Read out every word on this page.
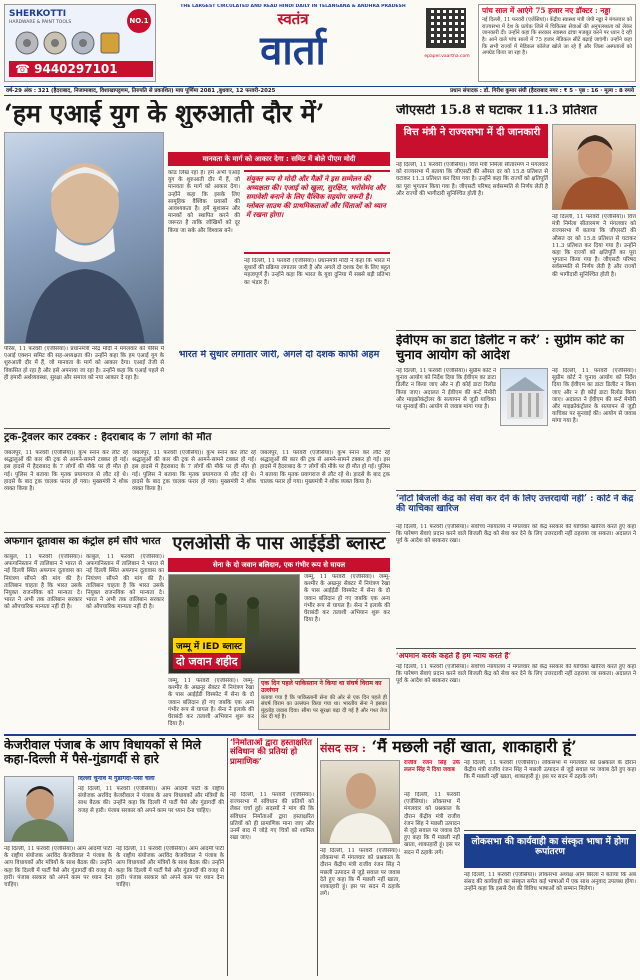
SHERKOTTI
HARDWARE & PAINT TOOLS	NO.1
☎ 9440297101
THE LARGEST CIRCULATED AND READ HINDI DAILY IN TELANGANA & ANDHRA PRADESH
स्वतंत्र
वार्ता	epaper.vaartha.com
पांच साल में आएंगे 75 हजार नए डॉक्टर : नड्डा
नई दिल्ली, 11 फरवरी (एजेंसियां)। केंद्रीय स्वास्थ्य मंत्री जेपी नड्डा ने मंगलवार को राज्यसभा में देश के प्रत्येक जिले में चिकित्सा सेवाओं की अनुपलब्धता को लेकर जानकारी दी। उन्होंने कहा कि सरकार स्वास्थ्य ढांचा मजबूत करने पर ध्यान दे रही है। आने वाले पांच सालों में 75 हजार मेडिकल सीटें बढ़ाई जाएंगी। उन्होंने कहा कि सभी राज्यों में मेडिकल कॉलेज खोले जा रहे हैं और जिला अस्पतालों को अपग्रेड किया जा रहा है।
वर्ष-29 अंक : 321 (हैदराबाद, निजामाबाद, विशाखापट्टणम, तिरुपति से प्रकाशित) माघ पूर्णिमा 2081 ,बुधवार, 12 फरवरी-2025	प्रधान संपादक : डॉ. गिरीश कुमार संघी (हैदराबाद नगर : ₹ 5 · पृष्ठ : 16 · मूल्य : 8 रुपये
‘हम एआई युग के शुरुआती दौर में’
मानवता के मार्ग को आकार देगा : समिट में बोले पीएम मोदी
कोड लिख रहा है। हम अभी एआई युग के शुरुआती दौर में हैं, जो मानवता के मार्ग को आकार देगा। उन्होंने कहा कि इसके लिए सामूहिक वैश्विक प्रयासों की आवश्यकता है। हमें सुशासन और मानकों को स्थापित करने की जरूरत है ताकि जोखिमों को दूर किया जा सके और विश्वास बने।
संयुक्त रूप से मोदी और मैक्रों ने इस सम्मेलन की अध्यक्षता की। एआई को खुला, सुरक्षित, भरोसेमंद और समावेशी बनाने के लिए वैश्विक सहयोग जरूरी है। ग्लोबल साउथ की प्राथमिकताओं और चिंताओं को ध्यान में रखना होगा।
नई दिल्ली, 11 फरवरी (एजेंसियां)। प्रधानमंत्री मोदी ने कहा कि भारत में सुधारों की प्रक्रिया लगातार जारी है और अगले दो दशक देश के लिए बहुत महत्वपूर्ण हैं। उन्होंने कहा कि भारत के युवा दुनिया में सबसे बड़ी प्रतिभा का भंडार हैं।
पेरिस, 11 फरवरी (एजेंसियां)। प्रधानमंत्री नरेंद्र मोदी ने मंगलवार को पेरिस में एआई एक्शन समिट की सह-अध्यक्षता की। उन्होंने कहा कि हम एआई युग के शुरुआती दौर में हैं, जो मानवता के मार्ग को आकार देगा। एआई तेजी से विकसित हो रहा है और इसे अपनाया जा रहा है। उन्होंने कहा कि एआई पहले से ही हमारी अर्थव्यवस्था, सुरक्षा और समाज को नया आकार दे रहा है।
भारत में सुधार लगातार जारी, अगले दो दशक काफी अहम
जीएसटी 15.8 से घटाकर 11.3 प्रतिशत
वित्त मंत्री ने राज्यसभा में दी जानकारी
नई दिल्ली, 11 फरवरी (एजेंसियां)। वित्त मंत्री निर्मला सीतारमण ने मंगलवार को राज्यसभा में बताया कि जीएसटी की औसत दर को 15.8 प्रतिशत से घटाकर 11.3 प्रतिशत कर दिया गया है। उन्होंने कहा कि राज्यों को क्षतिपूर्ति का पूरा भुगतान किया गया है। जीएसटी परिषद सर्वसम्मति से निर्णय लेती है और राज्यों की भागीदारी सुनिश्चित होती है।
नई दिल्ली, 11 फरवरी (एजेंसियां)। वित्त मंत्री निर्मला सीतारमण ने मंगलवार को राज्यसभा में बताया कि जीएसटी की औसत दर को 15.8 प्रतिशत से घटाकर 11.3 प्रतिशत कर दिया गया है। उन्होंने कहा कि राज्यों को क्षतिपूर्ति का पूरा भुगतान किया गया है। जीएसटी परिषद सर्वसम्मति से निर्णय लेती है और राज्यों की भागीदारी सुनिश्चित होती है।
ईवीएम का डाटा डिलीट न करें’ : सुप्रीम कोर्ट का चुनाव आयोग को आदेश
नई दिल्ली, 11 फरवरी (एजेंसियां)। सुप्रीम कोर्ट ने चुनाव आयोग को निर्देश दिया कि ईवीएम का डाटा डिलीट न किया जाए और न ही कोई डाटा रिलोड किया जाए। अदालत ने ईवीएम की बर्न्ट मेमोरी और माइक्रोकंट्रोलर के सत्यापन से जुड़ी याचिका पर सुनवाई की। आयोग से जवाब मांगा गया है।
नई दिल्ली, 11 फरवरी (एजेंसियां)। सुप्रीम कोर्ट ने चुनाव आयोग को निर्देश दिया कि ईवीएम का डाटा डिलीट न किया जाए और न ही कोई डाटा रिलोड किया जाए। अदालत ने ईवीएम की बर्न्ट मेमोरी और माइक्रोकंट्रोलर के सत्यापन से जुड़ी याचिका पर सुनवाई की। आयोग से जवाब मांगा गया है।
ट्रक-ट्रैवलर कार टक्कर : हैदराबाद के 7 लोगों की मौत
जबलपुर, 11 फरवरी (एजेंसियां)। कुंभ स्नान कर लौट रहे श्रद्धालुओं की कार की ट्रक से आमने-सामने टक्कर हो गई। इस हादसे में हैदराबाद के 7 लोगों की मौके पर ही मौत हो गई। पुलिस ने बताया कि मृतक प्रयागराज से लौट रहे थे। हादसे के बाद ट्रक चालक फरार हो गया। मुख्यमंत्री ने शोक व्यक्त किया है।
जबलपुर, 11 फरवरी (एजेंसियां)। कुंभ स्नान कर लौट रहे श्रद्धालुओं की कार की ट्रक से आमने-सामने टक्कर हो गई। इस हादसे में हैदराबाद के 7 लोगों की मौके पर ही मौत हो गई। पुलिस ने बताया कि मृतक प्रयागराज से लौट रहे थे। हादसे के बाद ट्रक चालक फरार हो गया। मुख्यमंत्री ने शोक व्यक्त किया है।
जबलपुर, 11 फरवरी (एजेंसियां)। कुंभ स्नान कर लौट रहे श्रद्धालुओं की कार की ट्रक से आमने-सामने टक्कर हो गई। इस हादसे में हैदराबाद के 7 लोगों की मौके पर ही मौत हो गई। पुलिस ने बताया कि मृतक प्रयागराज से लौट रहे थे। हादसे के बाद ट्रक चालक फरार हो गया। मुख्यमंत्री ने शोक व्यक्त किया है।
‘नोटों बिजली केंद्र को सेवा कर देने के लिए उत्तरदायी नहीं’ : कोर्ट ने केंद्र की याचिका खारिज
नई दिल्ली, 11 फरवरी (एजेंसियां)। सर्वोच्च न्यायालय ने मंगलवार को केंद्र सरकार की याचिका खारिज करते हुए कहा कि पारेषण सेवाएं प्रदान करने वाले बिजली केंद्र को सेवा कर देने के लिए उत्तरदायी नहीं ठहराया जा सकता। अदालत ने पूर्व के आदेश को बरकरार रखा।
अफगान दूतावास का कंट्रोल हमें सौंपे भारत
काबुल, 11 फरवरी (एजेंसियां)। अफगानिस्तान में तालिबान ने भारत से नई दिल्ली स्थित अफगान दूतावास का नियंत्रण सौंपने की मांग की है। तालिबान चाहता है कि भारत उसके नियुक्त राजनयिक को मान्यता दे। भारत ने अभी तक तालिबान सरकार को औपचारिक मान्यता नहीं दी है।
काबुल, 11 फरवरी (एजेंसियां)। अफगानिस्तान में तालिबान ने भारत से नई दिल्ली स्थित अफगान दूतावास का नियंत्रण सौंपने की मांग की है। तालिबान चाहता है कि भारत उसके नियुक्त राजनयिक को मान्यता दे। भारत ने अभी तक तालिबान सरकार को औपचारिक मान्यता नहीं दी है।
एलओसी के पास आईईडी ब्लास्ट
सेना के दो जवान बलिदान, एक गंभीर रूप से घायल
जम्मू में IED ब्लास्ट
दो जवान शहीद
जम्मू, 11 फरवरी (एजेंसियां)। जम्मू-कश्मीर के अखनूर सेक्टर में नियंत्रण रेखा के पास आईईडी विस्फोट में सेना के दो जवान बलिदान हो गए जबकि एक अन्य गंभीर रूप से घायल है। सेना ने इलाके की घेराबंदी कर तलाशी अभियान शुरू कर दिया है।
जम्मू, 11 फरवरी (एजेंसियां)। जम्मू-कश्मीर के अखनूर सेक्टर में नियंत्रण रेखा के पास आईईडी विस्फोट में सेना के दो जवान बलिदान हो गए जबकि एक अन्य गंभीर रूप से घायल है। सेना ने इलाके की घेराबंदी कर तलाशी अभियान शुरू कर दिया है।
एक दिन पहले पाकिस्तान ने किया था संघर्ष विराम का उल्लंघन
बताया गया है कि पाकिस्तानी सेना की ओर से एक दिन पहले ही संघर्ष विराम का उल्लंघन किया गया था। भारतीय सेना ने इसका मुंहतोड़ जवाब दिया। सीमा पर सुरक्षा बढ़ा दी गई है और गश्त तेज कर दी गई है।
‘अपमान करके कहते हैं हम न्याय करते हैं’
नई दिल्ली, 11 फरवरी (एजेंसियां)। सर्वोच्च न्यायालय ने मंगलवार को केंद्र सरकार की याचिका खारिज करते हुए कहा कि पारेषण सेवाएं प्रदान करने वाले बिजली केंद्र को सेवा कर देने के लिए उत्तरदायी नहीं ठहराया जा सकता। अदालत ने पूर्व के आदेश को बरकरार रखा।
केजरीवाल पंजाब के आप विधायकों से मिले कहा-दिल्ली में पैसे-गुंडागर्दी से हारे
दिल्ली चुनाव में गुंडागर्दी-पैसा चला
नई दिल्ली, 11 फरवरी (एजेंसियां)। आम आदमी पार्टी के राष्ट्रीय संयोजक अरविंद केजरीवाल ने पंजाब के आप विधायकों और मंत्रियों के साथ बैठक की। उन्होंने कहा कि दिल्ली में पार्टी पैसे और गुंडागर्दी की वजह से हारी। पंजाब सरकार को अपने काम पर ध्यान देना चाहिए।
नई दिल्ली, 11 फरवरी (एजेंसियां)। आम आदमी पार्टी के राष्ट्रीय संयोजक अरविंद केजरीवाल ने पंजाब के आप विधायकों और मंत्रियों के साथ बैठक की। उन्होंने कहा कि दिल्ली में पार्टी पैसे और गुंडागर्दी की वजह से हारी। पंजाब सरकार को अपने काम पर ध्यान देना चाहिए।
नई दिल्ली, 11 फरवरी (एजेंसियां)। आम आदमी पार्टी के राष्ट्रीय संयोजक अरविंद केजरीवाल ने पंजाब के आप विधायकों और मंत्रियों के साथ बैठक की। उन्होंने कहा कि दिल्ली में पार्टी पैसे और गुंडागर्दी की वजह से हारी। पंजाब सरकार को अपने काम पर ध्यान देना चाहिए।
‘निर्माताओं द्वारा हस्ताक्षरित संविधान की प्रतियां हो प्रामाणिक’
नई दिल्ली, 11 फरवरी (एजेंसियां)। राज्यसभा में संविधान की प्रतियों को लेकर चर्चा हुई। सदस्यों ने मांग की कि संविधान निर्माताओं द्वारा हस्ताक्षरित प्रतियों को ही प्रामाणिक माना जाए और उनमें बाद में जोड़े गए चित्रों को शामिल रखा जाए।
संसद सत्र : ‘मैं मछली नहीं खाता, शाकाहारी हूं’
राजीव रंजन सिंह उर्फ ललन सिंह ने दिया जवाब
नई दिल्ली, 11 फरवरी (एजेंसियां)। लोकसभा में मंगलवार को प्रश्नकाल के दौरान केंद्रीय मंत्री राजीव रंजन सिंह ने मछली उत्पादन से जुड़े सवाल पर जवाब देते हुए कहा कि मैं मछली नहीं खाता, शाकाहारी हूं। इस पर सदन में ठहाके लगे।
नई दिल्ली, 11 फरवरी (एजेंसियां)। लोकसभा में मंगलवार को प्रश्नकाल के दौरान केंद्रीय मंत्री राजीव रंजन सिंह ने मछली उत्पादन से जुड़े सवाल पर जवाब देते हुए कहा कि मैं मछली नहीं खाता, शाकाहारी हूं। इस पर सदन में ठहाके लगे।
नई दिल्ली, 11 फरवरी (एजेंसियां)। लोकसभा में मंगलवार को प्रश्नकाल के दौरान केंद्रीय मंत्री राजीव रंजन सिंह ने मछली उत्पादन से जुड़े सवाल पर जवाब देते हुए कहा कि मैं मछली नहीं खाता, शाकाहारी हूं। इस पर सदन में ठहाके लगे।
लोकसभा की कार्यवाही का संस्कृत भाषा में होगा रूपांतरण
नई दिल्ली, 11 फरवरी (एजेंसियां)। लोकसभा अध्यक्ष ओम बिरला ने बताया कि अब संसद की कार्यवाही का संस्कृत समेत कई भाषाओं में एक साथ अनुवाद उपलब्ध होगा। उन्होंने कहा कि इससे देश की विविध भाषाओं को सम्मान मिलेगा।
